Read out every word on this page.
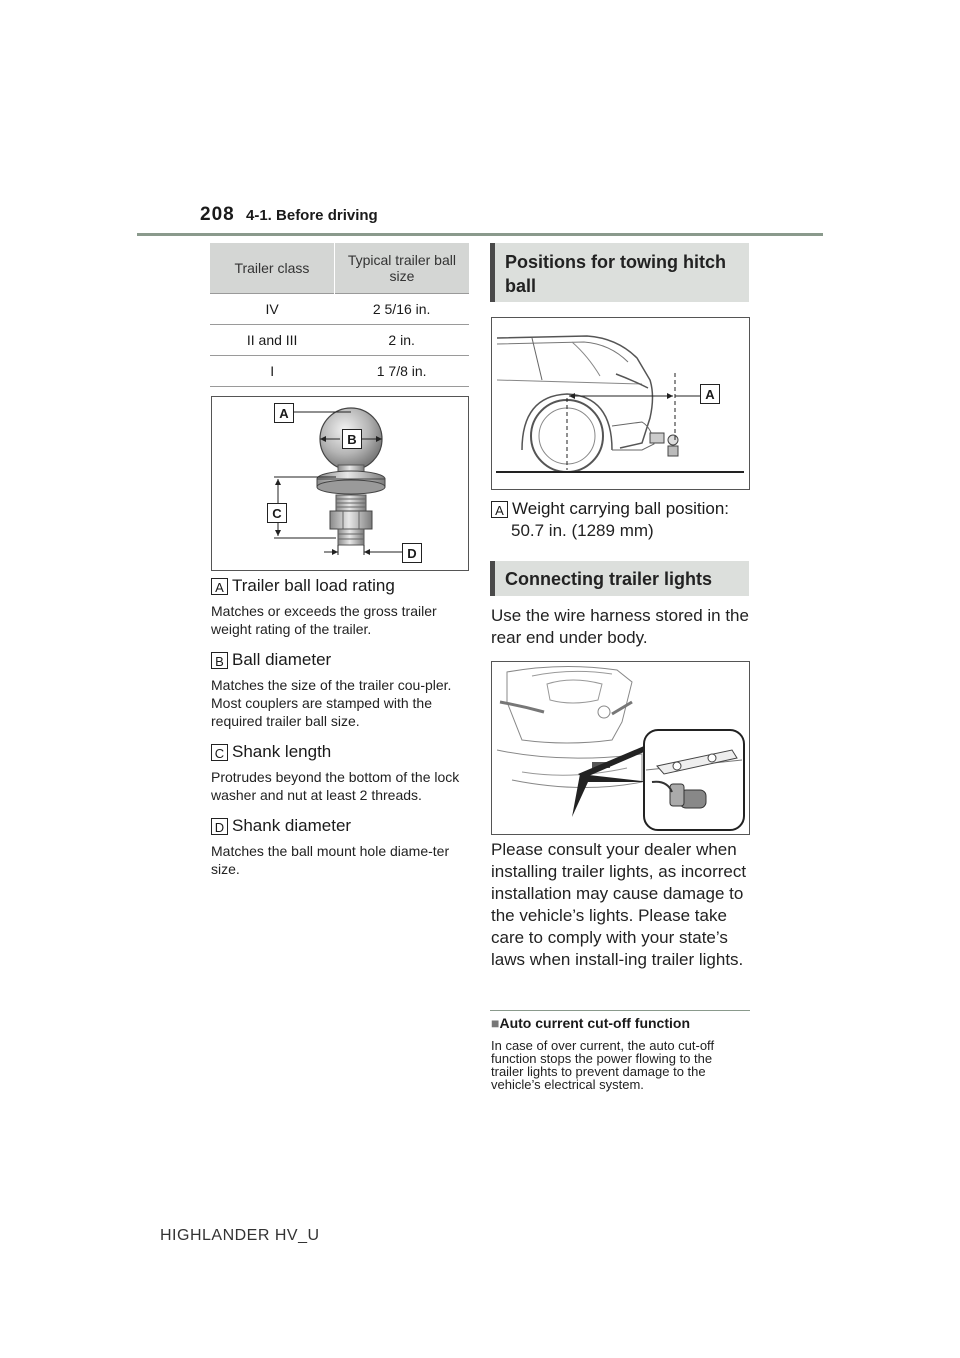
208 4-1. Before driving
Trailer class	Typical trailer ball size
IV	2 5/16 in.
II and III	2 in.
I	1 7/8 in.
A
B
C
D
A Trailer ball load rating
Matches or exceeds the gross trailer weight rating of the trailer.
B Ball diameter
Matches the size of the trailer cou-pler. Most couplers are stamped with the required trailer ball size.
C Shank length
Protrudes beyond the bottom of the lock washer and nut at least 2 threads.
D Shank diameter
Matches the ball mount hole diame-ter size.
Positions for towing hitch ball
A
A Weight carrying ball position:
50.7 in. (1289 mm)
Connecting trailer lights
Use the wire harness stored in the rear end under body.
Please consult your dealer when installing trailer lights, as incorrect installation may cause damage to the vehicle’s lights. Please take care to comply with your state’s laws when install-ing trailer lights.
■Auto current cut-off function
In case of over current, the auto cut-off function stops the power flowing to the trailer lights to prevent damage to the vehicle’s electrical system.
HIGHLANDER HV_U
